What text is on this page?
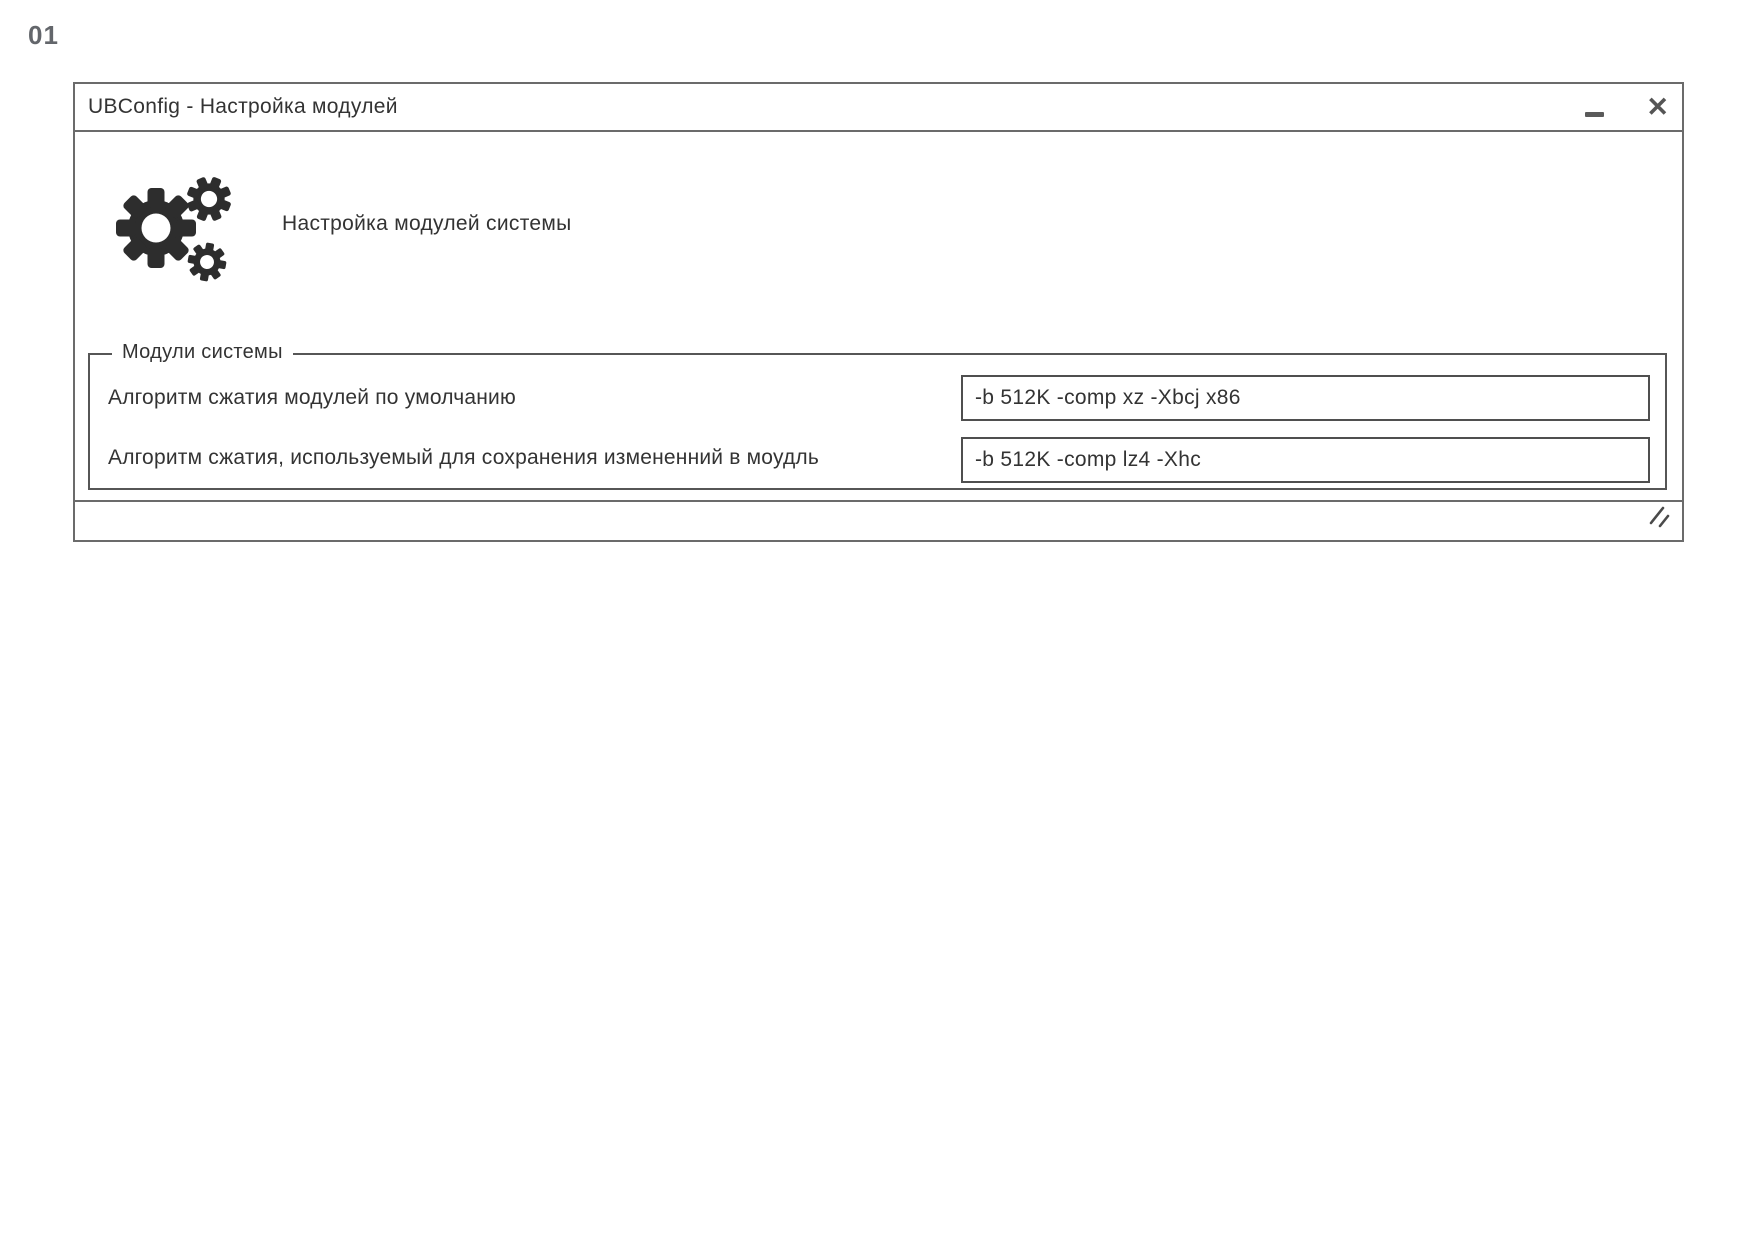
01
UBConfig - Настройка модулей	✕
Настройка модулей системы
Модули системы
Алгоритм сжатия модулей по умолчанию
-b 512K -comp xz -Xbcj x86
Алгоритм сжатия, используемый для сохранения измененний в моудль
-b 512K -comp lz4 -Xhc
